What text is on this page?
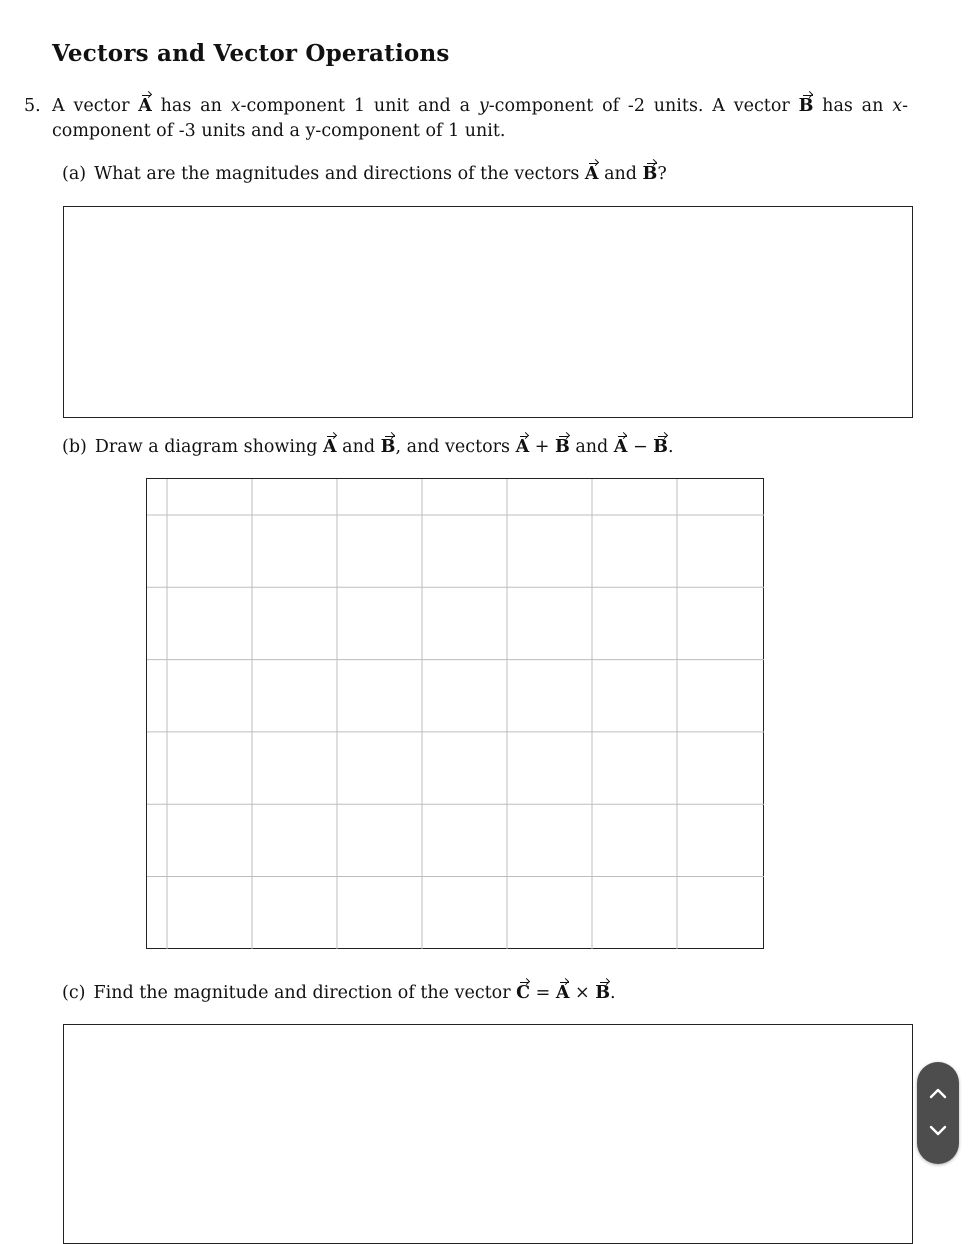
Vectors and Vector Operations
5. A vector A has an x-component 1 unit and a y-component of -2 units. A vector B has an x-component of -3 units and a y-component of 1 unit.
(a) What are the magnitudes and directions of the vectors A and B?
(b) Draw a diagram showing A and B, and vectors A + B and A − B.
(c) Find the magnitude and direction of the vector C = A × B.
